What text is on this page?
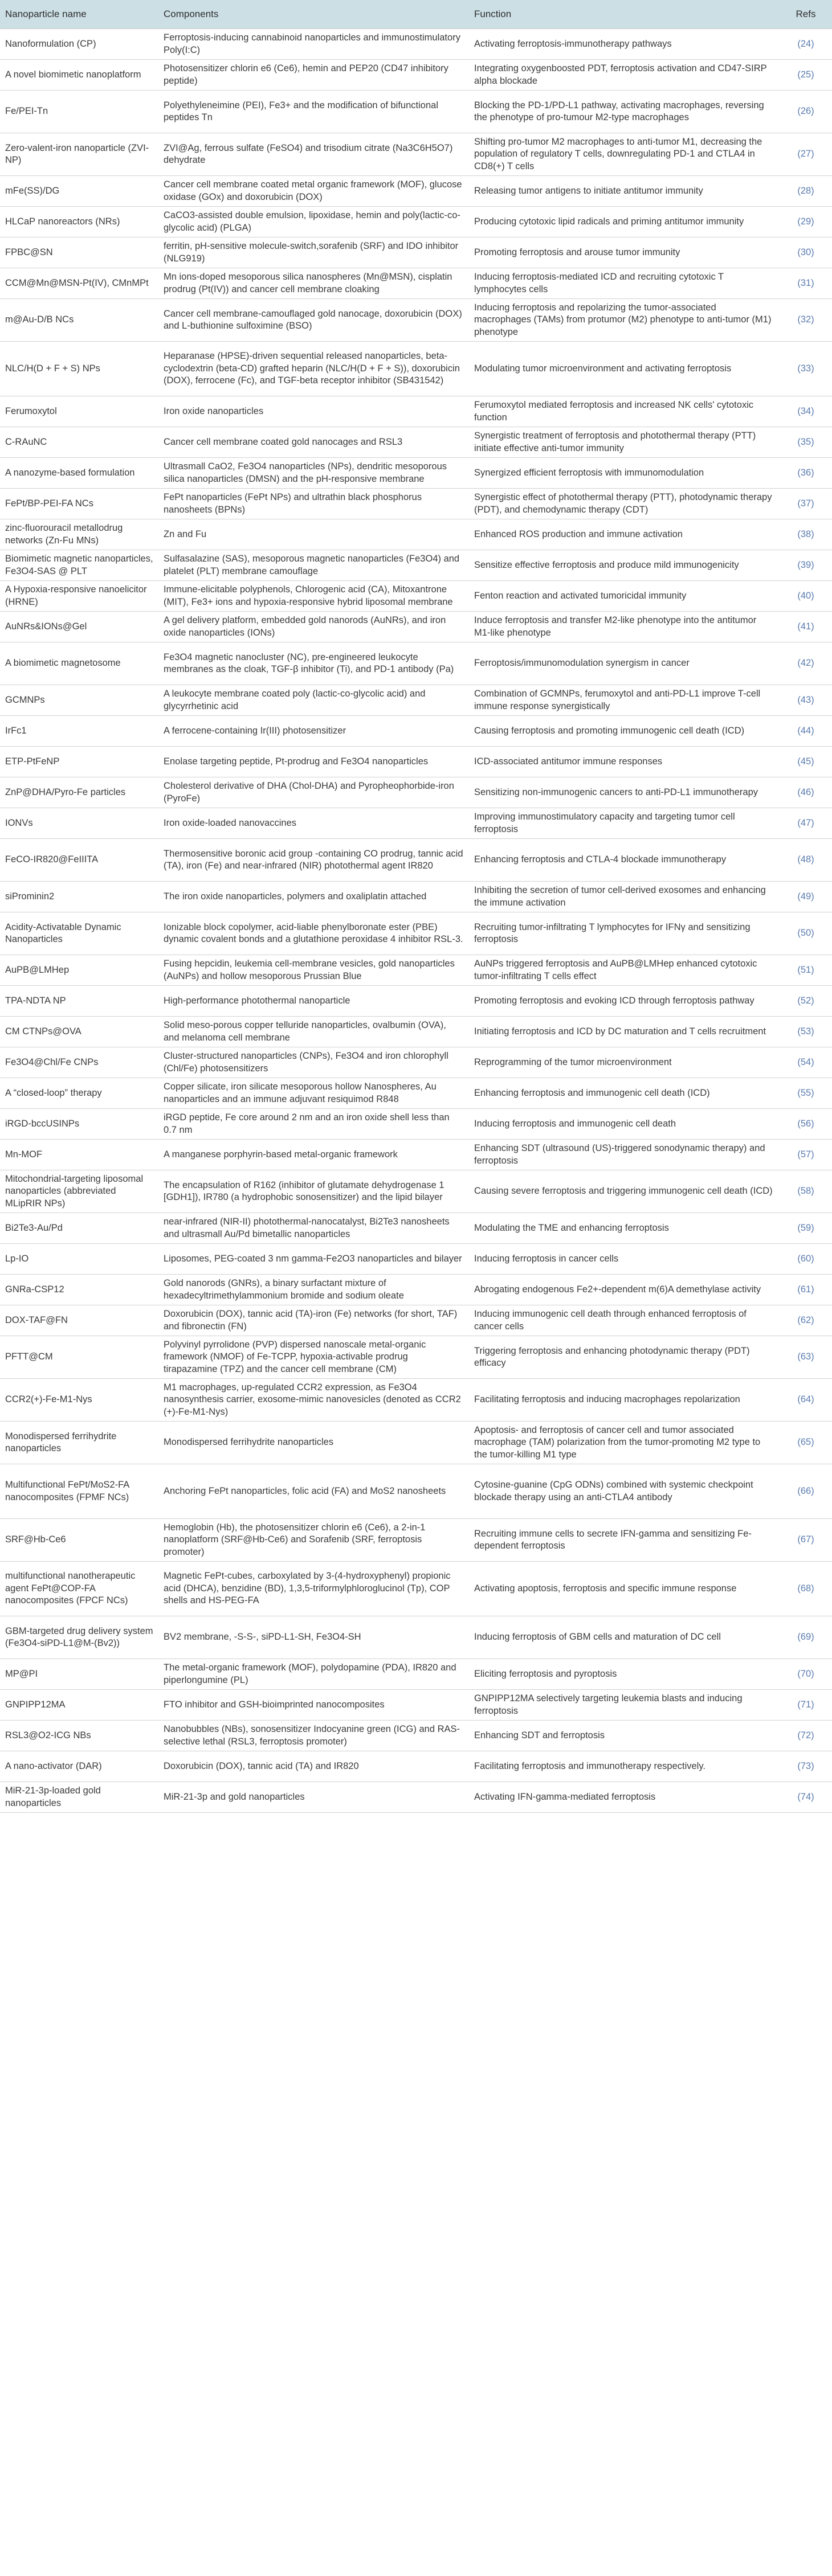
Nanoparticle name	Components	Function	Refs
Nanoformulation (CP)	Ferroptosis-inducing cannabinoid nanoparticles and immunostimulatory Poly(I:C)	Activating ferroptosis-immunotherapy pathways	(24)
A novel biomimetic nanoplatform	Photosensitizer chlorin e6 (Ce6), hemin and PEP20 (CD47 inhibitory peptide)	Integrating oxygenboosted PDT, ferroptosis activation and CD47-SIRP alpha blockade	(25)
Fe/PEI-Tn	Polyethyleneimine (PEI), Fe3+ and the modification of bifunctional peptides Tn	Blocking the PD-1/PD-L1 pathway, activating macrophages, reversing the phenotype of pro-tumour M2-type macrophages	(26)
Zero-valent-iron nanoparticle (ZVI-NP)	ZVI@Ag, ferrous sulfate (FeSO4) and trisodium citrate (Na3C6H5O7) dehydrate	Shifting pro-tumor M2 macrophages to anti-tumor M1, decreasing the population of regulatory T cells, downregulating PD-1 and CTLA4 in CD8(+) T cells	(27)
mFe(SS)/DG	Cancer cell membrane coated metal organic framework (MOF), glucose oxidase (GOx) and doxorubicin (DOX)	Releasing tumor antigens to initiate antitumor immunity	(28)
HLCaP nanoreactors (NRs)	CaCO3-assisted double emulsion, lipoxidase, hemin and poly(lactic-co-glycolic acid) (PLGA)	Producing cytotoxic lipid radicals and priming antitumor immunity	(29)
FPBC@SN	ferritin, pH-sensitive molecule-switch,sorafenib (SRF) and IDO inhibitor (NLG919)	Promoting ferroptosis and arouse tumor immunity	(30)
CCM@Mn@MSN-Pt(IV), CMnMPt	Mn ions-doped mesoporous silica nanospheres (Mn@MSN), cisplatin prodrug (Pt(IV)) and cancer cell membrane cloaking	Inducing ferroptosis-mediated ICD and recruiting cytotoxic T lymphocytes cells	(31)
m@Au-D/B NCs	Cancer cell membrane-camouflaged gold nanocage, doxorubicin (DOX) and L-buthionine sulfoximine (BSO)	Inducing ferroptosis and repolarizing the tumor-associated macrophages (TAMs) from protumor (M2) phenotype to anti-tumor (M1) phenotype	(32)
NLC/H(D + F + S) NPs	Heparanase (HPSE)-driven sequential released nanoparticles, beta-cyclodextrin (beta-CD) grafted heparin (NLC/H(D + F + S)), doxorubicin (DOX), ferrocene (Fc), and TGF-beta receptor inhibitor (SB431542)	Modulating tumor microenvironment and activating ferroptosis	(33)
Ferumoxytol	Iron oxide nanoparticles	Ferumoxytol mediated ferroptosis and increased NK cells' cytotoxic function	(34)
C-RAuNC	Cancer cell membrane coated gold nanocages and RSL3	Synergistic treatment of ferroptosis and photothermal therapy (PTT) initiate effective anti-tumor immunity	(35)
A nanozyme-based formulation	Ultrasmall CaO2, Fe3O4 nanoparticles (NPs), dendritic mesoporous silica nanoparticles (DMSN) and the pH-responsive membrane	Synergized efficient ferroptosis with immunomodulation	(36)
FePt/BP-PEI-FA NCs	FePt nanoparticles (FePt NPs) and ultrathin black phosphorus nanosheets (BPNs)	Synergistic effect of photothermal therapy (PTT), photodynamic therapy (PDT), and chemodynamic therapy (CDT)	(37)
zinc-fluorouracil metallodrug networks (Zn-Fu MNs)	Zn and Fu	Enhanced ROS production and immune activation	(38)
Biomimetic magnetic nanoparticles, Fe3O4-SAS @ PLT	Sulfasalazine (SAS), mesoporous magnetic nanoparticles (Fe3O4) and platelet (PLT) membrane camouflage	Sensitize effective ferroptosis and produce mild immunogenicity	(39)
A Hypoxia-responsive nanoelicitor (HRNE)	Immune-elicitable polyphenols, Chlorogenic acid (CA), Mitoxantrone (MIT), Fe3+ ions and hypoxia-responsive hybrid liposomal membrane	Fenton reaction and activated tumoricidal immunity	(40)
AuNRs&IONs@Gel	A gel delivery platform, embedded gold nanorods (AuNRs), and iron oxide nanoparticles (IONs)	Induce ferroptosis and transfer M2-like phenotype into the antitumor M1-like phenotype	(41)
A biomimetic magnetosome	Fe3O4 magnetic nanocluster (NC), pre-engineered leukocyte membranes as the cloak, TGF-β inhibitor (Ti), and PD-1 antibody (Pa)	Ferroptosis/immunomodulation synergism in cancer	(42)
GCMNPs	A leukocyte membrane coated poly (lactic-co-glycolic acid) and glycyrrhetinic acid	Combination of GCMNPs, ferumoxytol and anti-PD-L1 improve T-cell immune response synergistically	(43)
IrFc1	A ferrocene-containing Ir(III) photosensitizer	Causing ferroptosis and promoting immunogenic cell death (ICD)	(44)
ETP-PtFeNP	Enolase targeting peptide, Pt-prodrug and Fe3O4 nanoparticles	ICD-associated antitumor immune responses	(45)
ZnP@DHA/Pyro-Fe particles	Cholesterol derivative of DHA (Chol-DHA) and Pyropheophorbide-iron (PyroFe)	Sensitizing non-immunogenic cancers to anti-PD-L1 immunotherapy	(46)
IONVs	Iron oxide-loaded nanovaccines	Improving immunostimulatory capacity and targeting tumor cell ferroptosis	(47)
FeCO-IR820@FeIIITA	Thermosensitive boronic acid group -containing CO prodrug, tannic acid (TA), iron (Fe) and near-infrared (NIR) photothermal agent IR820	Enhancing ferroptosis and CTLA-4 blockade immunotherapy	(48)
siProminin2	The iron oxide nanoparticles, polymers and oxaliplatin attached	Inhibiting the secretion of tumor cell-derived exosomes and enhancing the immune activation	(49)
Acidity-Activatable Dynamic Nanoparticles	Ionizable block copolymer, acid-liable phenylboronate ester (PBE) dynamic covalent bonds and a glutathione peroxidase 4 inhibitor RSL-3.	Recruiting tumor-infiltrating T lymphocytes for IFNγ and sensitizing ferroptosis	(50)
AuPB@LMHep	Fusing hepcidin, leukemia cell-membrane vesicles, gold nanoparticles (AuNPs) and hollow mesoporous Prussian Blue	AuNPs triggered ferroptosis and AuPB@LMHep enhanced cytotoxic tumor-infiltrating T cells effect	(51)
TPA-NDTA NP	High-performance photothermal nanoparticle	Promoting ferroptosis and evoking ICD through ferroptosis pathway	(52)
CM CTNPs@OVA	Solid meso-porous copper telluride nanoparticles, ovalbumin (OVA), and melanoma cell membrane	Initiating ferroptosis and ICD by DC maturation and T cells recruitment	(53)
Fe3O4@Chl/Fe CNPs	Cluster-structured nanoparticles (CNPs), Fe3O4 and iron chlorophyll (Chl/Fe) photosensitizers	Reprogramming of the tumor microenvironment	(54)
A “closed-loop” therapy	Copper silicate, iron silicate mesoporous hollow Nanospheres, Au nanoparticles and an immune adjuvant resiquimod R848	Enhancing ferroptosis and immunogenic cell death (ICD)	(55)
iRGD-bccUSINPs	iRGD peptide, Fe core around 2 nm and an iron oxide shell less than 0.7 nm	Inducing ferroptosis and immunogenic cell death	(56)
Mn-MOF	A manganese porphyrin-based metal-organic framework	Enhancing SDT (ultrasound (US)-triggered sonodynamic therapy) and ferroptosis	(57)
Mitochondrial-targeting liposomal nanoparticles (abbreviated MLipRIR NPs)	The encapsulation of R162 (inhibitor of glutamate dehydrogenase 1 [GDH1]), IR780 (a hydrophobic sonosensitizer) and the lipid bilayer	Causing severe ferroptosis and triggering immunogenic cell death (ICD)	(58)
Bi2Te3-Au/Pd	near-infrared (NIR-II) photothermal-nanocatalyst, Bi2Te3 nanosheets and ultrasmall Au/Pd bimetallic nanoparticles	Modulating the TME and enhancing ferroptosis	(59)
Lp-IO	Liposomes, PEG-coated 3 nm gamma-Fe2O3 nanoparticles and bilayer	Inducing ferroptosis in cancer cells	(60)
GNRa-CSP12	Gold nanorods (GNRs), a binary surfactant mixture of hexadecyltrimethylammonium bromide and sodium oleate	Abrogating endogenous Fe2+-dependent m(6)A demethylase activity	(61)
DOX-TAF@FN	Doxorubicin (DOX), tannic acid (TA)-iron (Fe) networks (for short, TAF) and fibronectin (FN)	Inducing immunogenic cell death through enhanced ferroptosis of cancer cells	(62)
PFTT@CM	Polyvinyl pyrrolidone (PVP) dispersed nanoscale metal-organic framework (NMOF) of Fe-TCPP, hypoxia-activable prodrug tirapazamine (TPZ) and the cancer cell membrane (CM)	Triggering ferroptosis and enhancing photodynamic therapy (PDT) efficacy	(63)
CCR2(+)-Fe-M1-Nys	M1 macrophages, up-regulated CCR2 expression, as Fe3O4 nanosynthesis carrier, exosome-mimic nanovesicles (denoted as CCR2 (+)-Fe-M1-Nys)	Facilitating ferroptosis and inducing macrophages repolarization	(64)
Monodispersed ferrihydrite nanoparticles	Monodispersed ferrihydrite nanoparticles	Apoptosis- and ferroptosis of cancer cell and tumor associated macrophage (TAM) polarization from the tumor-promoting M2 type to the tumor-killing M1 type	(65)
Multifunctional FePt/MoS2-FA nanocomposites (FPMF NCs)	Anchoring FePt nanoparticles, folic acid (FA) and MoS2 nanosheets	Cytosine-guanine (CpG ODNs) combined with systemic checkpoint blockade therapy using an anti-CTLA4 antibody	(66)
SRF@Hb-Ce6	Hemoglobin (Hb), the photosensitizer chlorin e6 (Ce6), a 2-in-1 nanoplatform (SRF@Hb-Ce6) and Sorafenib (SRF, ferroptosis promoter)	Recruiting immune cells to secrete IFN-gamma and sensitizing Fe-dependent ferroptosis	(67)
multifunctional nanotherapeutic agent FePt@COP-FA nanocomposites (FPCF NCs)	Magnetic FePt-cubes, carboxylated by 3-(4-hydroxyphenyl) propionic acid (DHCA), benzidine (BD), 1,3,5-triformylphloroglucinol (Tp), COP shells and HS-PEG-FA	Activating apoptosis, ferroptosis and specific immune response	(68)
GBM-targeted drug delivery system (Fe3O4-siPD-L1@M-(Bv2))	BV2 membrane, -S-S-, siPD-L1-SH, Fe3O4-SH	Inducing ferroptosis of GBM cells and maturation of DC cell	(69)
MP@PI	The metal-organic framework (MOF), polydopamine (PDA), IR820 and piperlongumine (PL)	Eliciting ferroptosis and pyroptosis	(70)
GNPIPP12MA	FTO inhibitor and GSH-bioimprinted nanocomposites	GNPIPP12MA selectively targeting leukemia blasts and inducing ferroptosis	(71)
RSL3@O2-ICG NBs	Nanobubbles (NBs), sonosensitizer Indocyanine green (ICG) and RAS-selective lethal (RSL3, ferroptosis promoter)	Enhancing SDT and ferroptosis	(72)
A nano-activator (DAR)	Doxorubicin (DOX), tannic acid (TA) and IR820	Facilitating ferroptosis and immunotherapy respectively.	(73)
MiR-21-3p-loaded gold nanoparticles	MiR-21-3p and gold nanoparticles	Activating IFN-gamma-mediated ferroptosis	(74)
